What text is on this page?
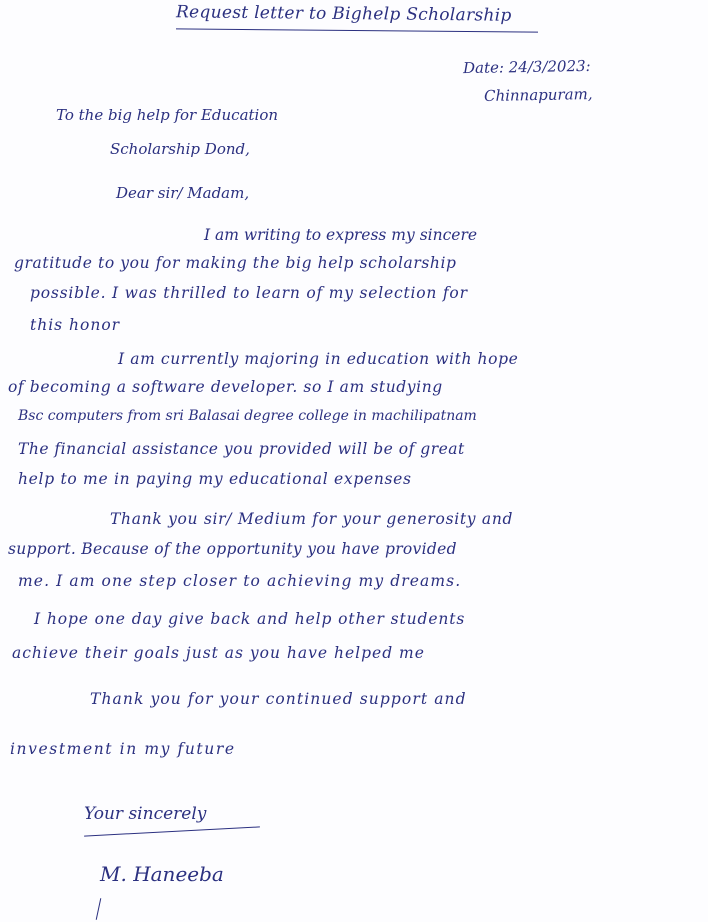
Request letter to Bighelp Scholarship
Date: 24/3/2023:
Chinnapuram,
To the big help for Education
Scholarship Dond,
Dear sir/ Madam,
I am writing to express my sincere
gratitude to you for making the big help scholarship
possible. I was thrilled to learn of my selection for
this honor
I am currently majoring in education with hope
of becoming a software developer. so I am studying
Bsc computers from sri Balasai degree college in machilipatnam
The financial assistance you provided will be of great
help to me in paying my educational expenses
Thank you sir/ Medium for your generosity and
support. Because of the opportunity you have provided
me. I am one step closer to achieving my dreams.
I hope one day give back and help other students
achieve their goals just as you have helped me
Thank you for your continued support and
investment in my future
Your sincerely
M. Haneeba
